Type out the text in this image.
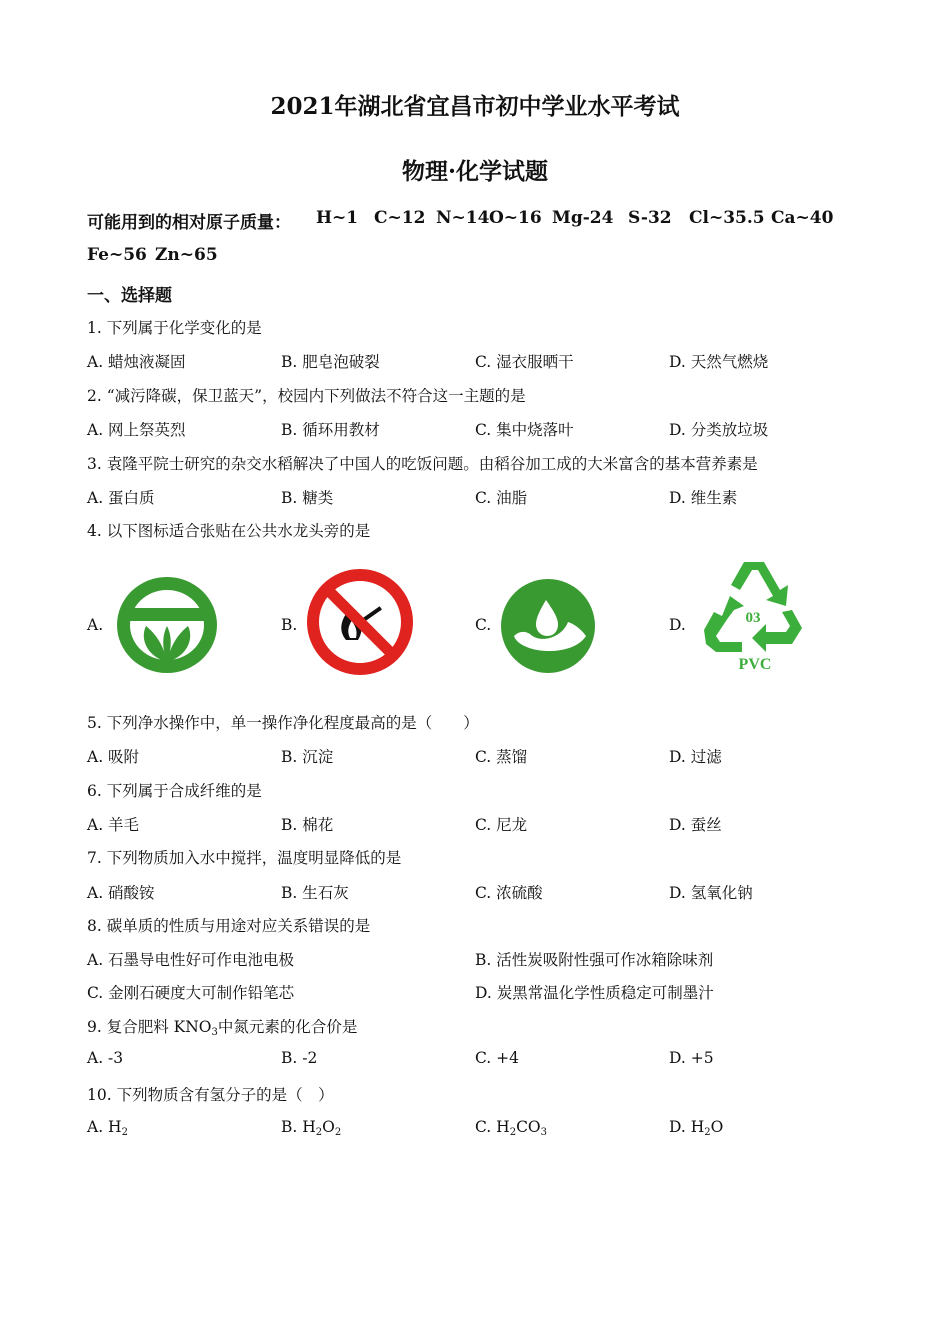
2021年湖北省宜昌市初中学业水平考试
物理·化学试题
可能用到的相对原子质量： H~1 C~12 N~14 O~16 Mg-24 S-32 Cl~35.5 Ca~40
Fe~56 Zn~65
一、选择题
1. 下列属于化学变化的是
A. 蜡烛液凝固	B. 肥皂泡破裂	C. 湿衣服晒干	D. 天然气燃烧
2. “减污降碳，保卫蓝天”，校园内下列做法不符合这一主题的是
A. 网上祭英烈	B. 循环用教材	C. 集中烧落叶	D. 分类放垃圾
3. 袁隆平院士研究的杂交水稻解决了中国人的吃饭问题。由稻谷加工成的大米富含的基本营养素是
A. 蛋白质	B. 糖类	C. 油脂	D. 维生素
4. 以下图标适合张贴在公共水龙头旁的是
A.	B.	C.	D.	03
PVC
5. 下列净水操作中，单一操作净化程度最高的是（　　）
A. 吸附	B. 沉淀	C. 蒸馏	D. 过滤
6. 下列属于合成纤维的是
A. 羊毛	B. 棉花	C. 尼龙	D. 蚕丝
7. 下列物质加入水中搅拌，温度明显降低的是
A. 硝酸铵	B. 生石灰	C. 浓硫酸	D. 氢氧化钠
8. 碳单质的性质与用途对应关系错误的是
A. 石墨导电性好可作电池电极	B. 活性炭吸附性强可作冰箱除味剂
C. 金刚石硬度大可制作铅笔芯	D. 炭黑常温化学性质稳定可制墨汁
9. 复合肥料 $KNO_3$中氮元素的化合价是
A. -3	B. -2	C. +4	D. +5
10. 下列物质含有氢分子的是（　）
A. $H_2$	B. $H_2O_2$	C. $H_2CO_3$	D. $H_2O$
